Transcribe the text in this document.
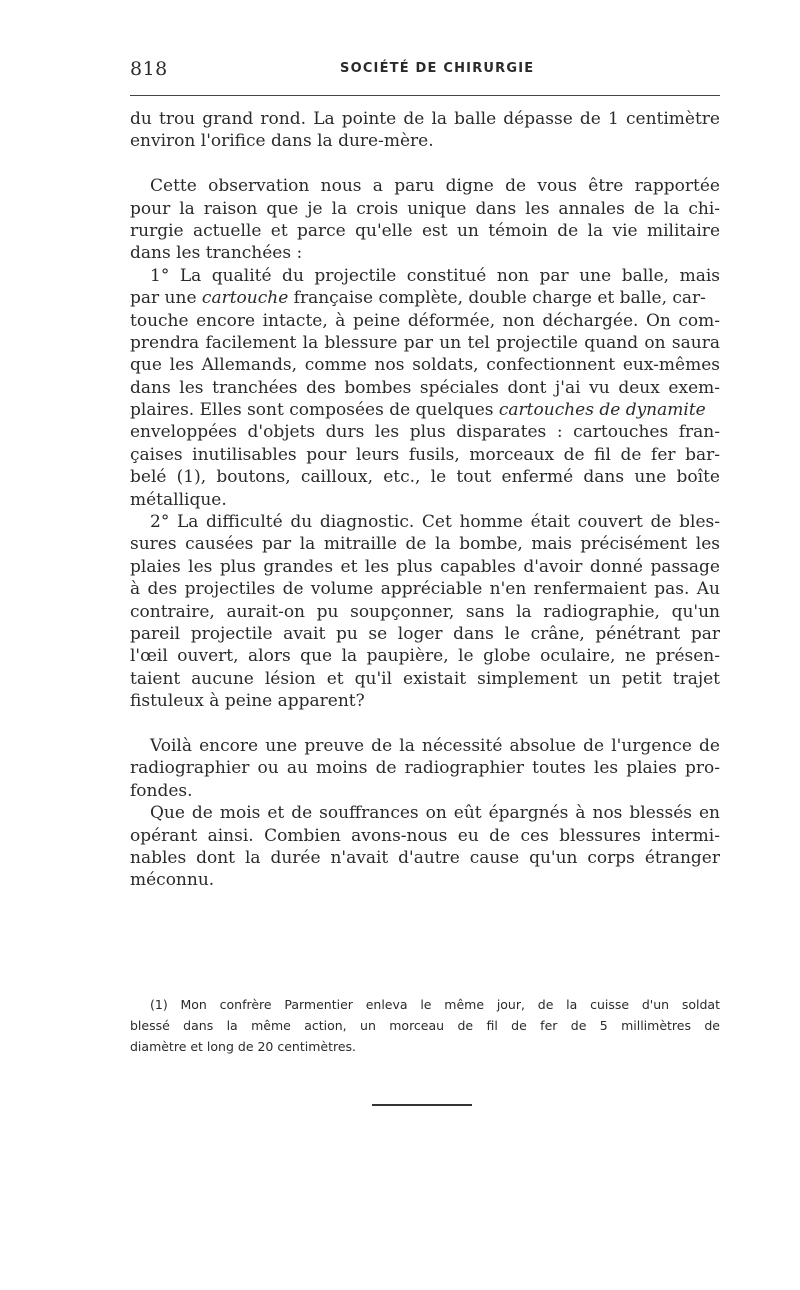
818	SOCIÉTÉ DE CHIRURGIE
du trou grand rond. La pointe de la balle dépasse de 1 centimètre
environ l'orifice dans la dure-mère.
Cette observation nous a paru digne de vous être rapportée
pour la raison que je la crois unique dans les annales de la chi-
rurgie actuelle et parce qu'elle est un témoin de la vie militaire
dans les tranchées :
1° La qualité du projectile constitué non par une balle, mais
par une cartouche française complète, double charge et balle, car-
touche encore intacte, à peine déformée, non déchargée. On com-
prendra facilement la blessure par un tel projectile quand on saura
que les Allemands, comme nos soldats, confectionnent eux-mêmes
dans les tranchées des bombes spéciales dont j'ai vu deux exem-
plaires. Elles sont composées de quelques cartouches de dynamite
enveloppées d'objets durs les plus disparates : cartouches fran-
çaises inutilisables pour leurs fusils, morceaux de fil de fer bar-
belé (1), boutons, cailloux, etc., le tout enfermé dans une boîte
métallique.
2° La difficulté du diagnostic. Cet homme était couvert de bles-
sures causées par la mitraille de la bombe, mais précisément les
plaies les plus grandes et les plus capables d'avoir donné passage
à des projectiles de volume appréciable n'en renfermaient pas. Au
contraire, aurait-on pu soupçonner, sans la radiographie, qu'un
pareil projectile avait pu se loger dans le crâne, pénétrant par
l'œil ouvert, alors que la paupière, le globe oculaire, ne présen-
taient aucune lésion et qu'il existait simplement un petit trajet
fistuleux à peine apparent?
Voilà encore une preuve de la nécessité absolue de l'urgence de
radiographier ou au moins de radiographier toutes les plaies pro-
fondes.
Que de mois et de souffrances on eût épargnés à nos blessés en
opérant ainsi. Combien avons-nous eu de ces blessures intermi-
nables dont la durée n'avait d'autre cause qu'un corps étranger
méconnu.
(1) Mon confrère Parmentier enleva le même jour, de la cuisse d'un soldat
blessé dans la même action, un morceau de fil de fer de 5 millimètres de
diamètre et long de 20 centimètres.
